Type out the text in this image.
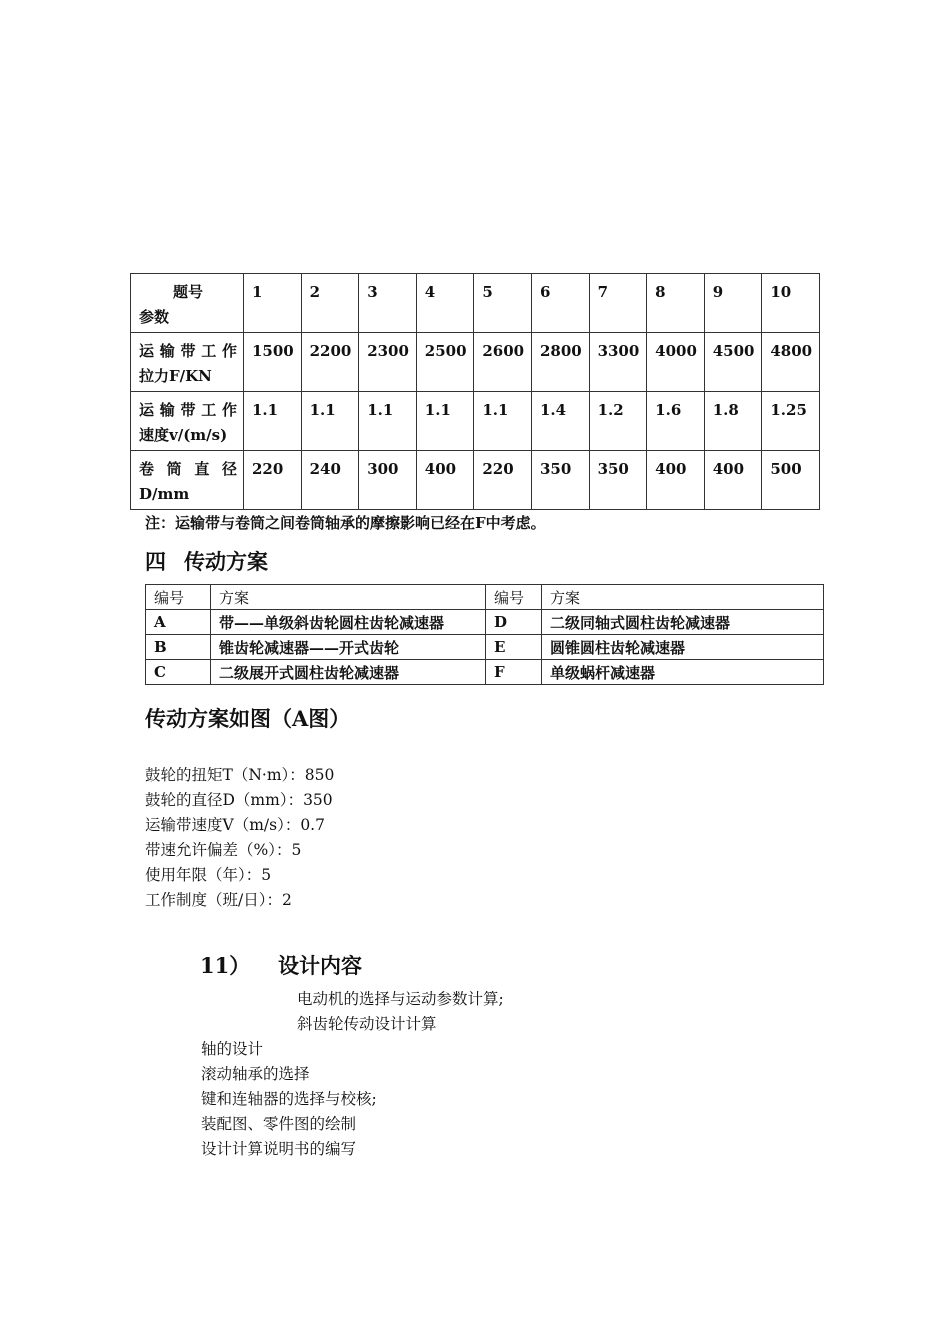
题号
参数	1	2	3	4	5	6	7	8	9	10

运输带工作
拉力F/KN	1500	2200	2300	2500	2600	2800	3300	4000	4500	4800

运输带工作
速度v/(m/s)	1.1	1.1	1.1	1.1	1.1	1.4	1.2	1.6	1.8	1.25

卷筒直径
D/mm	220	240	300	400	220	350	350	400	400	500
注：运输带与卷筒之间卷筒轴承的摩擦影响已经在F中考虑。
四 传动方案
编号	方案	编号	方案
A	带——单级斜齿轮圆柱齿轮减速器	D	二级同轴式圆柱齿轮减速器
B	锥齿轮减速器——开式齿轮	E	圆锥圆柱齿轮减速器
C	二级展开式圆柱齿轮减速器	F	单级蜗杆减速器
传动方案如图（A图）
鼓轮的扭矩T（N·m）：850
鼓轮的直径D（mm）：350
运输带速度V（m/s）：0.7
带速允许偏差（%）：5
使用年限（年）：5
工作制度（班/日）：2
11） 设计内容
电动机的选择与运动参数计算;
斜齿轮传动设计计算
轴的设计
滚动轴承的选择
键和连轴器的选择与校核;
装配图、零件图的绘制
设计计算说明书的编写
